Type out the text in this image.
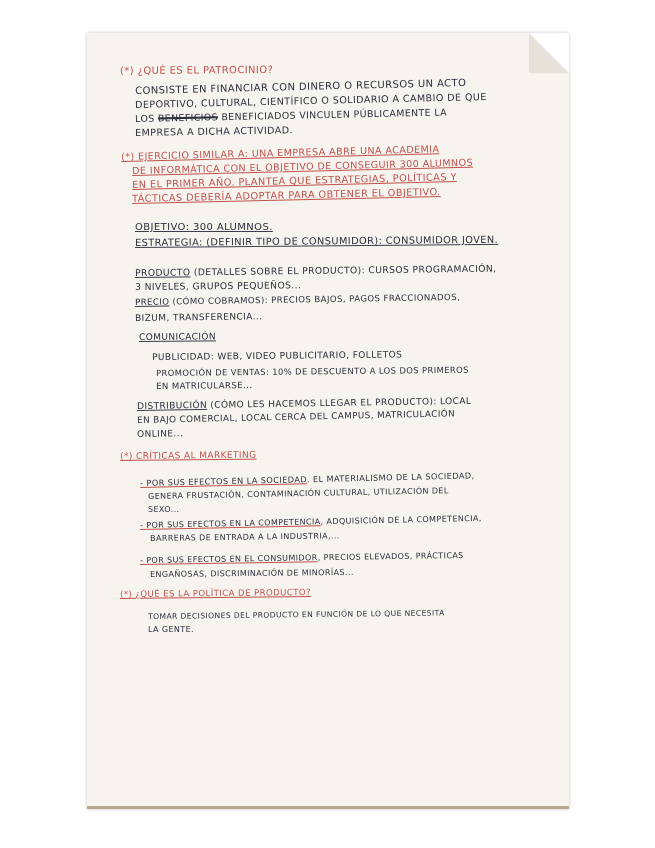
(*) ¿QUÉ ES EL PATROCINIO?

CONSISTE EN FINANCIAR CON DINERO O RECURSOS UN ACTO

DEPORTIVO, CULTURAL, CIENTÍFICO O SOLIDARIO A CAMBIO DE QUE

LOS BENEFICIOS BENEFICIADOS VINCULEN PÚBLICAMENTE LA

EMPRESA A DICHA ACTIVIDAD.

(*) EJERCICIO SIMILAR A: UNA EMPRESA ABRE UNA ACADEMIA

DE INFORMÁTICA CON EL OBJETIVO DE CONSEGUIR 300 ALUMNOS

EN EL PRIMER AÑO. PLANTEA QUE ESTRATEGIAS, POLÍTICAS Y

TÁCTICAS DEBERÍA ADOPTAR PARA OBTENER EL OBJETIVO.

OBJETIVO: 300 ALUMNOS.

ESTRATEGIA: (DEFINIR TIPO DE CONSUMIDOR): CONSUMIDOR JOVEN.

PRODUCTO (DETALLES SOBRE EL PRODUCTO): CURSOS PROGRAMACIÓN,

3 NIVELES, GRUPOS PEQUEÑOS...

PRECIO (CÓMO COBRAMOS): PRECIOS BAJOS, PAGOS FRACCIONADOS,

BIZUM, TRANSFERENCIA...

COMUNICACIÓN

PUBLICIDAD: WEB, VIDEO PUBLICITARIO, FOLLETOS

PROMOCIÓN DE VENTAS: 10% DE DESCUENTO A LOS DOS PRIMEROS

EN MATRICULARSE...

DISTRIBUCIÓN (CÓMO LES HACEMOS LLEGAR EL PRODUCTO): LOCAL

EN BAJO COMERCIAL, LOCAL CERCA DEL CAMPUS, MATRICULACIÓN

ONLINE...

(*) CRÍTICAS AL MARKETING

- POR SUS EFECTOS EN LA SOCIEDAD. EL MATERIALISMO DE LA SOCIEDAD,

GENERA FRUSTACIÓN, CONTAMINACIÓN CULTURAL, UTILIZACIÓN DEL

SEXO...

- POR SUS EFECTOS EN LA COMPETENCIA, ADQUISICIÓN DE LA COMPETENCIA,

BARRERAS DE ENTRADA A LA INDUSTRIA,...

- POR SUS EFECTOS EN EL CONSUMIDOR, PRECIOS ELEVADOS, PRÁCTICAS

ENGAÑOSAS, DISCRIMINACIÓN DE MINORÍAS...

(*) ¿QUÉ ES LA POLÍTICA DE PRODUCTO?

TOMAR DECISIONES DEL PRODUCTO EN FUNCIÓN DE LO QUE NECESITA

LA GENTE.
